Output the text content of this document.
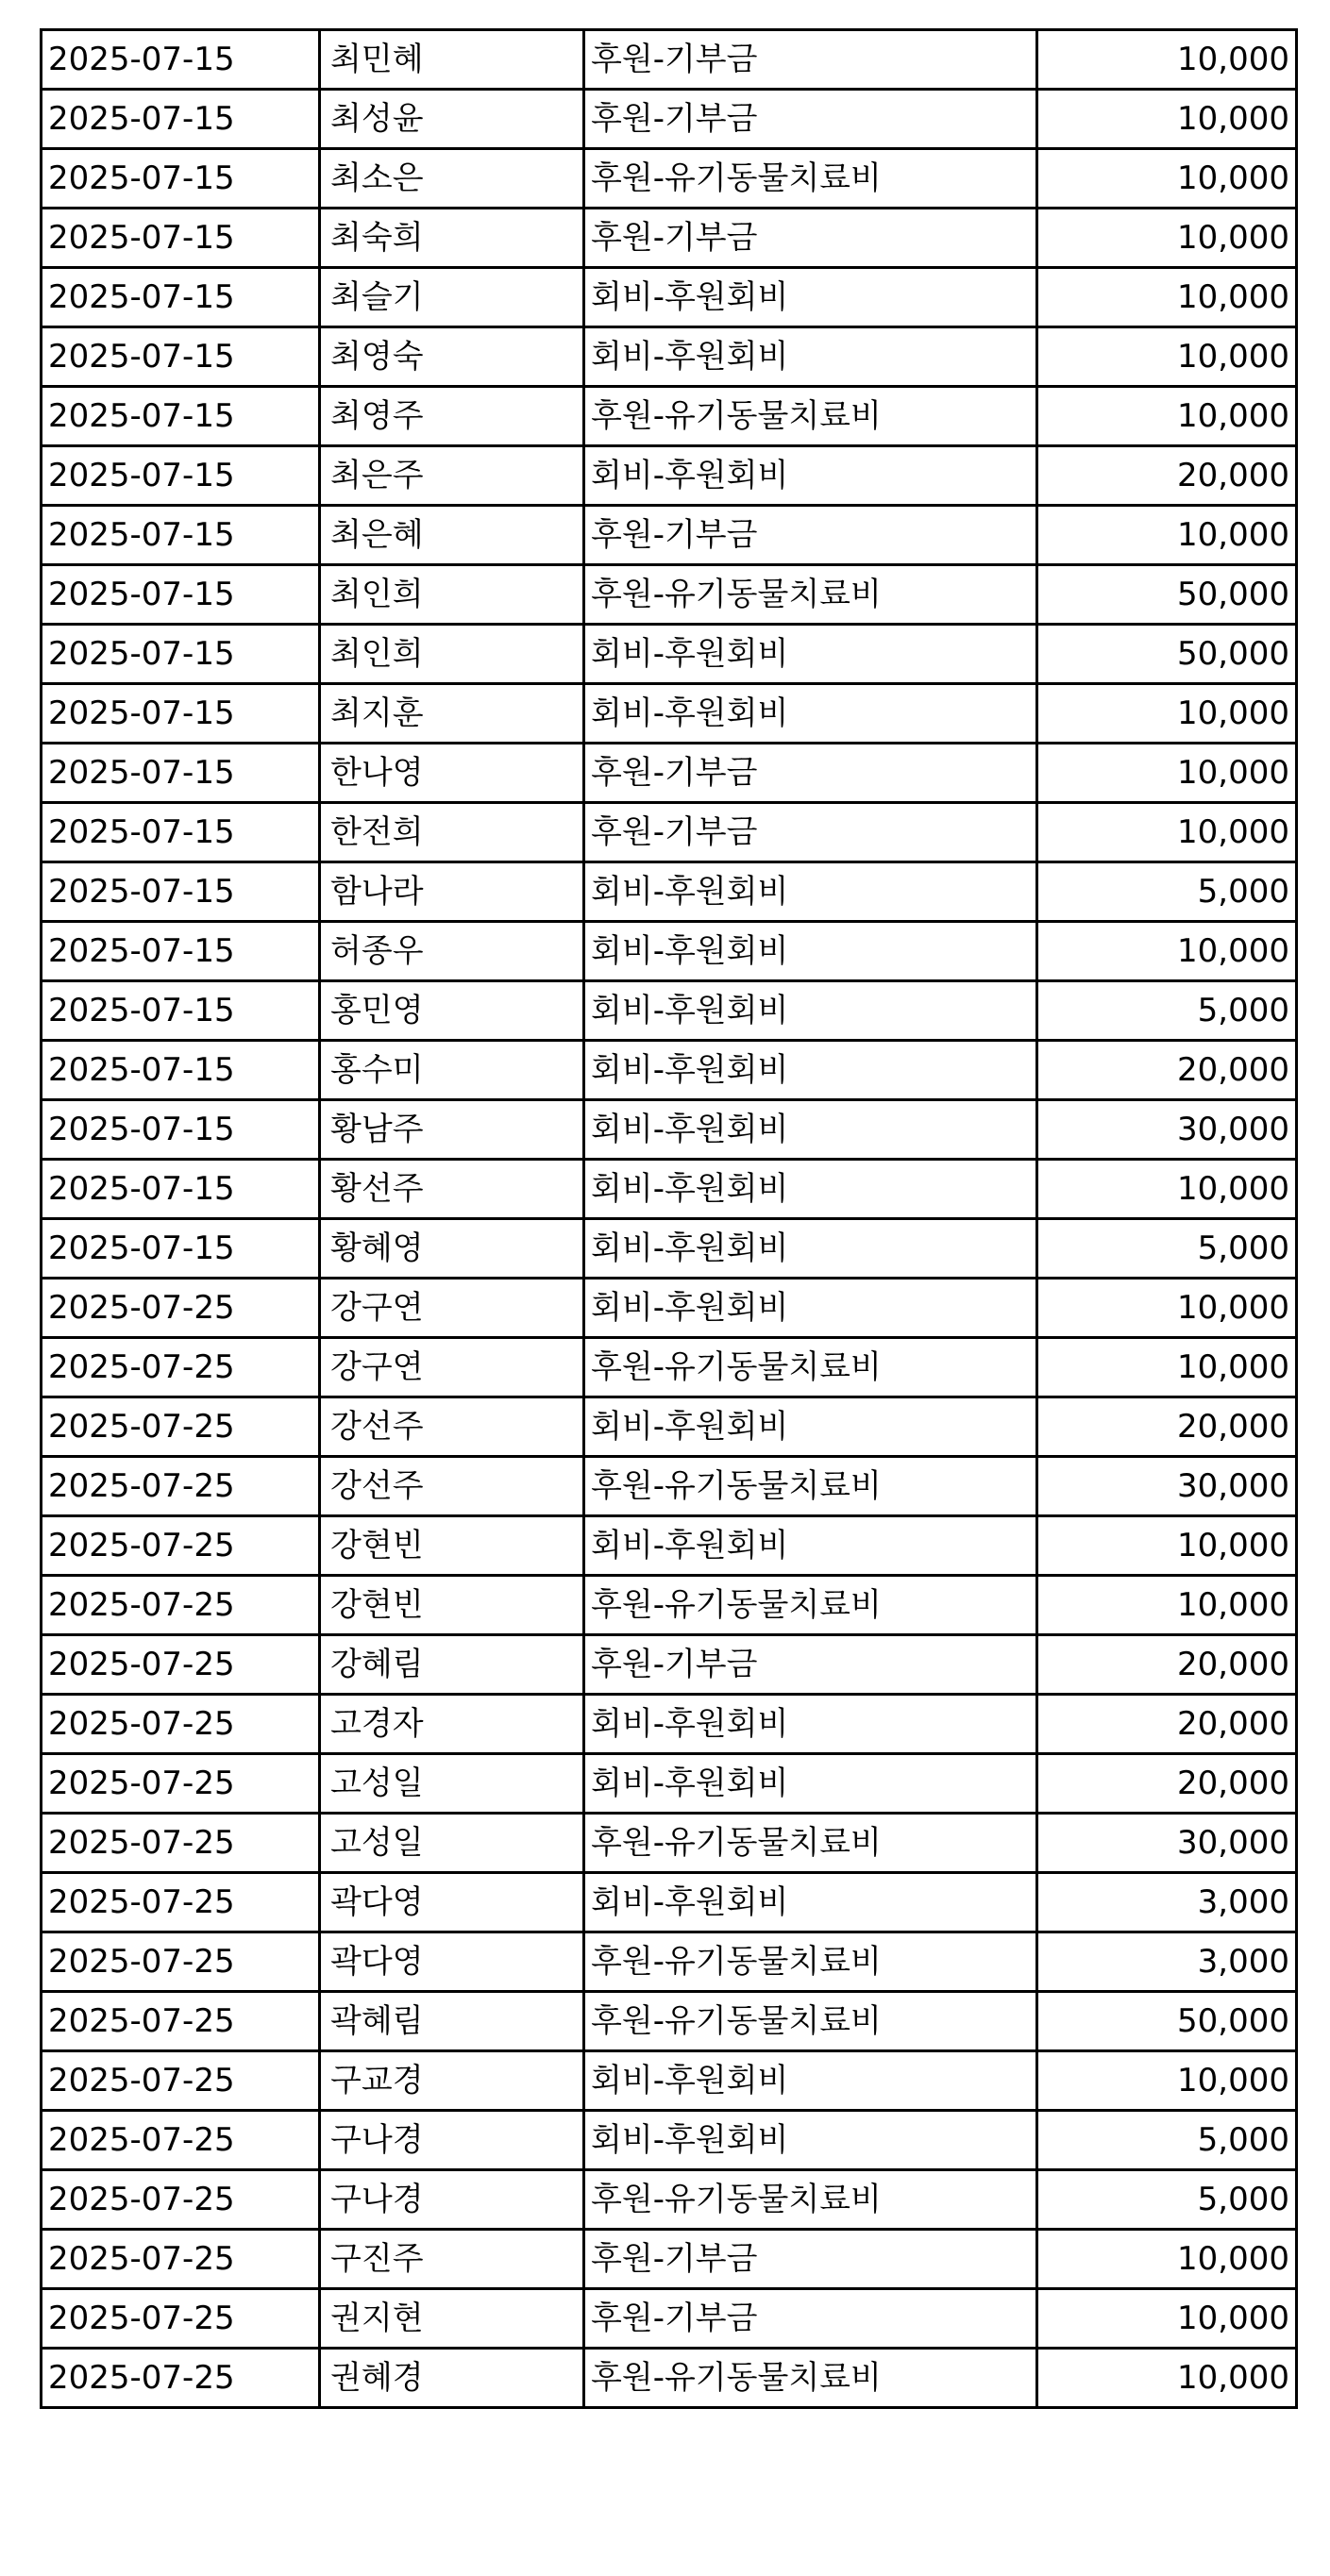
2025-07-15	최민혜	후원-기부금	10,000
2025-07-15	최성윤	후원-기부금	10,000
2025-07-15	최소은	후원-유기동물치료비	10,000
2025-07-15	최숙희	후원-기부금	10,000
2025-07-15	최슬기	회비-후원회비	10,000
2025-07-15	최영숙	회비-후원회비	10,000
2025-07-15	최영주	후원-유기동물치료비	10,000
2025-07-15	최은주	회비-후원회비	20,000
2025-07-15	최은혜	후원-기부금	10,000
2025-07-15	최인희	후원-유기동물치료비	50,000
2025-07-15	최인희	회비-후원회비	50,000
2025-07-15	최지훈	회비-후원회비	10,000
2025-07-15	한나영	후원-기부금	10,000
2025-07-15	한전희	후원-기부금	10,000
2025-07-15	함나라	회비-후원회비	5,000
2025-07-15	허종우	회비-후원회비	10,000
2025-07-15	홍민영	회비-후원회비	5,000
2025-07-15	홍수미	회비-후원회비	20,000
2025-07-15	황남주	회비-후원회비	30,000
2025-07-15	황선주	회비-후원회비	10,000
2025-07-15	황혜영	회비-후원회비	5,000
2025-07-25	강구연	회비-후원회비	10,000
2025-07-25	강구연	후원-유기동물치료비	10,000
2025-07-25	강선주	회비-후원회비	20,000
2025-07-25	강선주	후원-유기동물치료비	30,000
2025-07-25	강현빈	회비-후원회비	10,000
2025-07-25	강현빈	후원-유기동물치료비	10,000
2025-07-25	강혜림	후원-기부금	20,000
2025-07-25	고경자	회비-후원회비	20,000
2025-07-25	고성일	회비-후원회비	20,000
2025-07-25	고성일	후원-유기동물치료비	30,000
2025-07-25	곽다영	회비-후원회비	3,000
2025-07-25	곽다영	후원-유기동물치료비	3,000
2025-07-25	곽혜림	후원-유기동물치료비	50,000
2025-07-25	구교경	회비-후원회비	10,000
2025-07-25	구나경	회비-후원회비	5,000
2025-07-25	구나경	후원-유기동물치료비	5,000
2025-07-25	구진주	후원-기부금	10,000
2025-07-25	권지현	후원-기부금	10,000
2025-07-25	권혜경	후원-유기동물치료비	10,000
